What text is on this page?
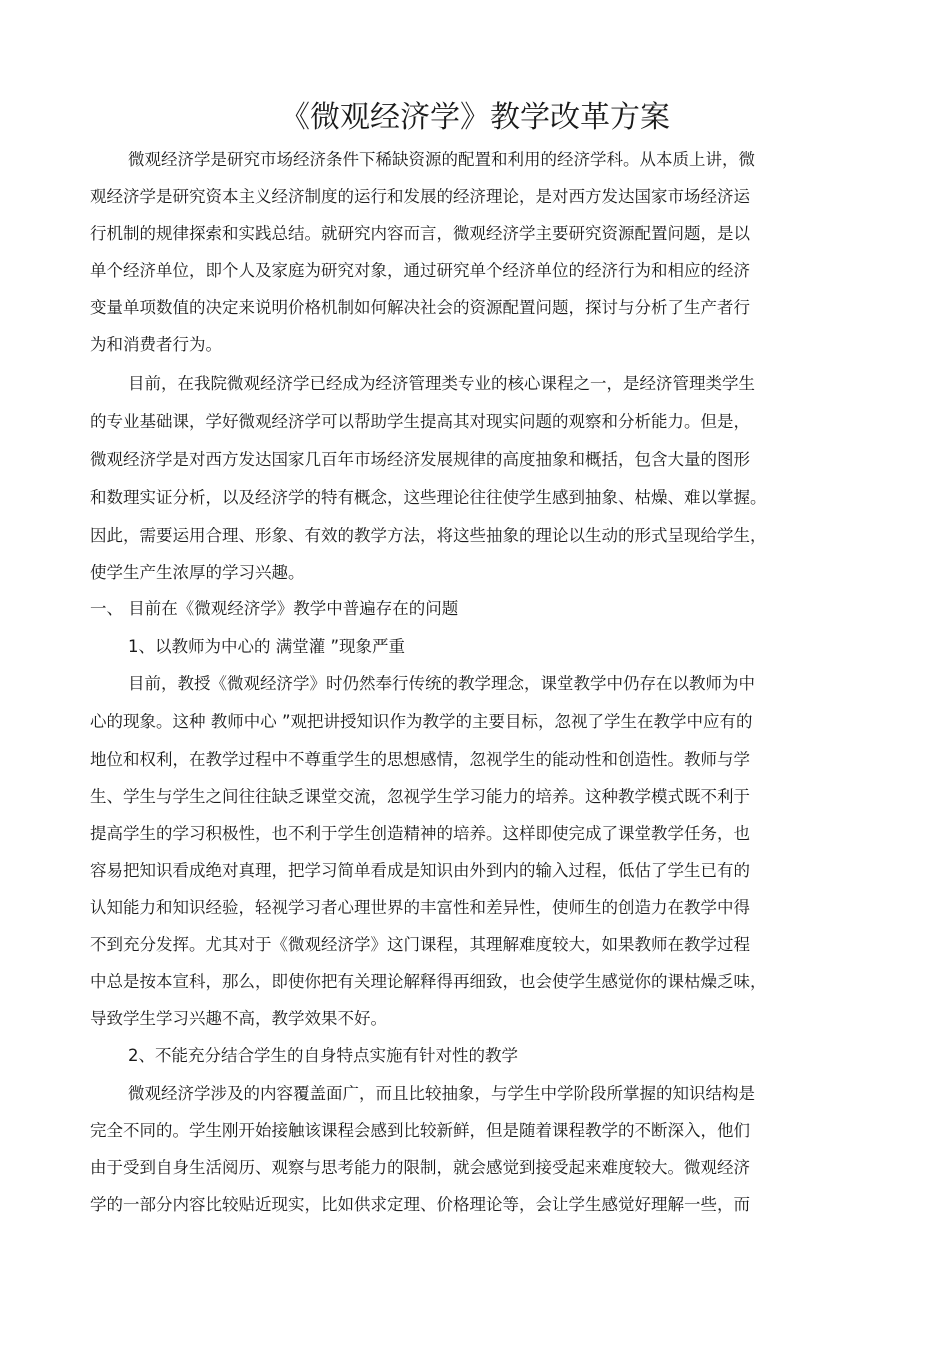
《微观经济学》教学改革方案
微观经济学是研究市场经济条件下稀缺资源的配置和利用的经济学科。从本质上讲，微
观经济学是研究资本主义经济制度的运行和发展的经济理论，是对西方发达国家市场经济运
行机制的规律探索和实践总结。就研究内容而言，微观经济学主要研究资源配置问题，是以
单个经济单位，即个人及家庭为研究对象，通过研究单个经济单位的经济行为和相应的经济
变量单项数值的决定来说明价格机制如何解决社会的资源配置问题，探讨与分析了生产者行
为和消费者行为。
目前，在我院微观经济学已经成为经济管理类专业的核心课程之一，是经济管理类学生
的专业基础课，学好微观经济学可以帮助学生提高其对现实问题的观察和分析能力。但是，
微观经济学是对西方发达国家几百年市场经济发展规律的高度抽象和概括，包含大量的图形
和数理实证分析，以及经济学的特有概念，这些理论往往使学生感到抽象、枯燥、难以掌握。
因此，需要运用合理、形象、有效的教学方法，将这些抽象的理论以生动的形式呈现给学生，
使学生产生浓厚的学习兴趣。
一、 目前在《微观经济学》教学中普遍存在的问题
1、以教师为中心的 满堂灌 ”现象严重
目前，教授《微观经济学》时仍然奉行传统的教学理念，课堂教学中仍存在以教师为中
心的现象。这种 教师中心 ”观把讲授知识作为教学的主要目标，忽视了学生在教学中应有的
地位和权利，在教学过程中不尊重学生的思想感情，忽视学生的能动性和创造性。教师与学
生、学生与学生之间往往缺乏课堂交流，忽视学生学习能力的培养。这种教学模式既不利于
提高学生的学习积极性，也不利于学生创造精神的培养。这样即使完成了课堂教学任务，也
容易把知识看成绝对真理，把学习简单看成是知识由外到内的输入过程，低估了学生已有的
认知能力和知识经验，轻视学习者心理世界的丰富性和差异性，使师生的创造力在教学中得
不到充分发挥。尤其对于《微观经济学》这门课程，其理解难度较大，如果教师在教学过程
中总是按本宣科，那么，即使你把有关理论解释得再细致，也会使学生感觉你的课枯燥乏味，
导致学生学习兴趣不高，教学效果不好。
2、不能充分结合学生的自身特点实施有针对性的教学
微观经济学涉及的内容覆盖面广，而且比较抽象，与学生中学阶段所掌握的知识结构是
完全不同的。学生刚开始接触该课程会感到比较新鲜，但是随着课程教学的不断深入，他们
由于受到自身生活阅历、观察与思考能力的限制，就会感觉到接受起来难度较大。微观经济
学的一部分内容比较贴近现实，比如供求定理、价格理论等，会让学生感觉好理解一些，而
